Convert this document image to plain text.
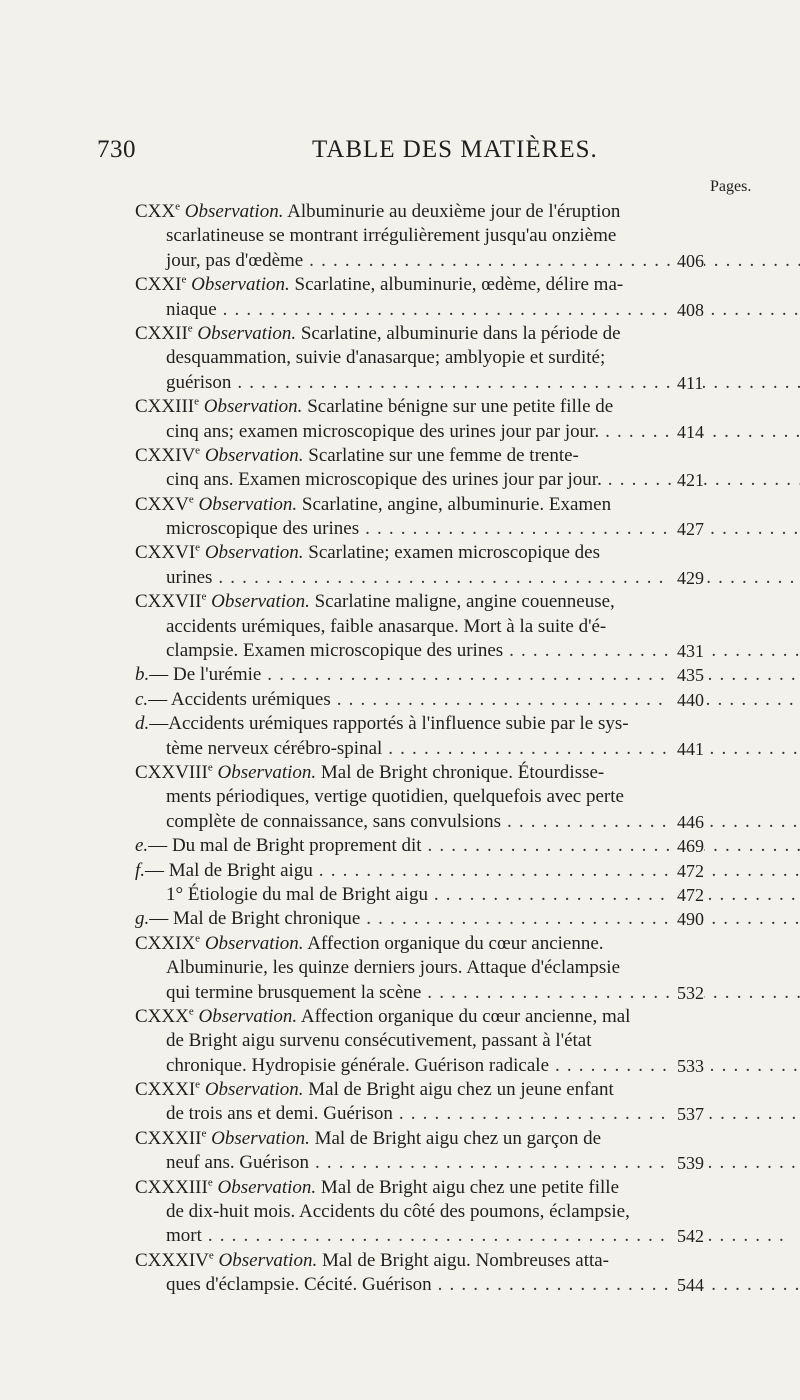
730	TABLE DES MATIÈRES.
Pages.
CXXe Observation. Albuminurie au deuxième jour de l'éruption
scarlatineuse se montrant irrégulièrement jusqu'au onzième
jour, pas d'œdème . . .	406
CXXIe Observation. Scarlatine, albuminurie, œdème, délire ma-
niaque . . .	408
CXXIIe Observation. Scarlatine, albuminurie dans la période de
desquammation, suivie d'anasarque; amblyopie et surdité;
guérison . . .	411
CXXIIIe Observation. Scarlatine bénigne sur une petite fille de
cinq ans; examen microscopique des urines jour par jour. . . .	414
CXXIVe Observation. Scarlatine sur une femme de trente-
cinq ans. Examen microscopique des urines jour par jour. . . .	421
CXXVe Observation. Scarlatine, angine, albuminurie. Examen
microscopique des urines . . .	427
CXXVIe Observation. Scarlatine; examen microscopique des
urines . . .	429
CXXVIIe Observation. Scarlatine maligne, angine couenneuse,
accidents urémiques, faible anasarque. Mort à la suite d'é-
clampsie. Examen microscopique des urines . . .	431
b.— De l'urémie . . .	435
c.— Accidents urémiques . . .	440
d.—Accidents urémiques rapportés à l'influence subie par le sys-
tème nerveux cérébro-spinal . . .	441
CXXVIIIe Observation. Mal de Bright chronique. Étourdisse-
ments périodiques, vertige quotidien, quelquefois avec perte
complète de connaissance, sans convulsions . . .	446
e.— Du mal de Bright proprement dit . . .	469
f.— Mal de Bright aigu . . .	472
1° Étiologie du mal de Bright aigu . . .	472
g.— Mal de Bright chronique . . .	490
CXXIXe Observation. Affection organique du cœur ancienne.
Albuminurie, les quinze derniers jours. Attaque d'éclampsie
qui termine brusquement la scène . . .	532
CXXXe Observation. Affection organique du cœur ancienne, mal
de Bright aigu survenu consécutivement, passant à l'état
chronique. Hydropisie générale. Guérison radicale . . .	533
CXXXIe Observation. Mal de Bright aigu chez un jeune enfant
de trois ans et demi. Guérison . . .	537
CXXXIIe Observation. Mal de Bright aigu chez un garçon de
neuf ans. Guérison . . .	539
CXXXIIIe Observation. Mal de Bright aigu chez une petite fille
de dix-huit mois. Accidents du côté des poumons, éclampsie,
mort . . .	542
CXXXIVe Observation. Mal de Bright aigu. Nombreuses atta-
ques d'éclampsie. Cécité. Guérison . . .	544
